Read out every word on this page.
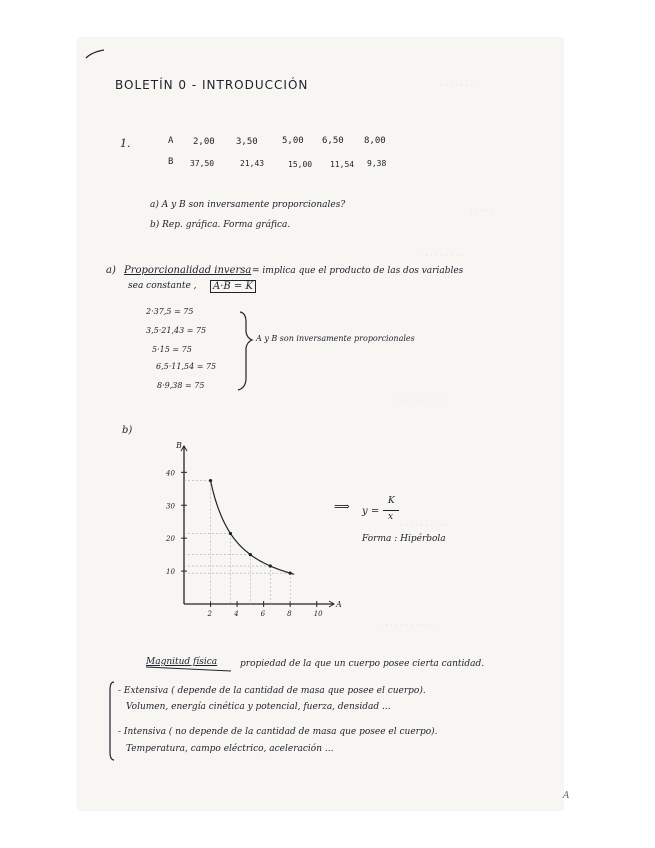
· · · · · · · ·
· · · · ·
· · · · · · · · ·
· · · · · · · · · ·
· · · · · · · · · ·
· · · · · · · · · · ·
BOLETÍN 0 - INTRODUCCIÓN
1.	A 2,00 3,50	5,00 6,50 8,00
B 37,50	21,43	15,00 11,54 9,38
a) A y B son inversamente proporcionales?
b) Rep. gráfica. Forma gráfica.
a) Proporcionalidad inversa = implica que el producto de las dos variables
sea constante ,	A·B = K
2·37,5 = 75
3,5·21,43 = 75
5·15 = 75
6,5·11,54 = 75
8·9,38 = 75
A y B son inversamente proporcionales
b)
A
B
A
2	4	6	8	10
10
20
30
40
⟹ y =
K
x
Forma : Hipérbola
Magnitud física	propiedad de la que un cuerpo posee cierta cantidad.
- Extensiva ( depende de la cantidad de masa que posee el cuerpo).
Volumen, energía cinética y potencial, fuerza, densidad ...
- Intensiva ( no depende de la cantidad de masa que posee el cuerpo).
Temperatura, campo eléctrico, aceleración ...
